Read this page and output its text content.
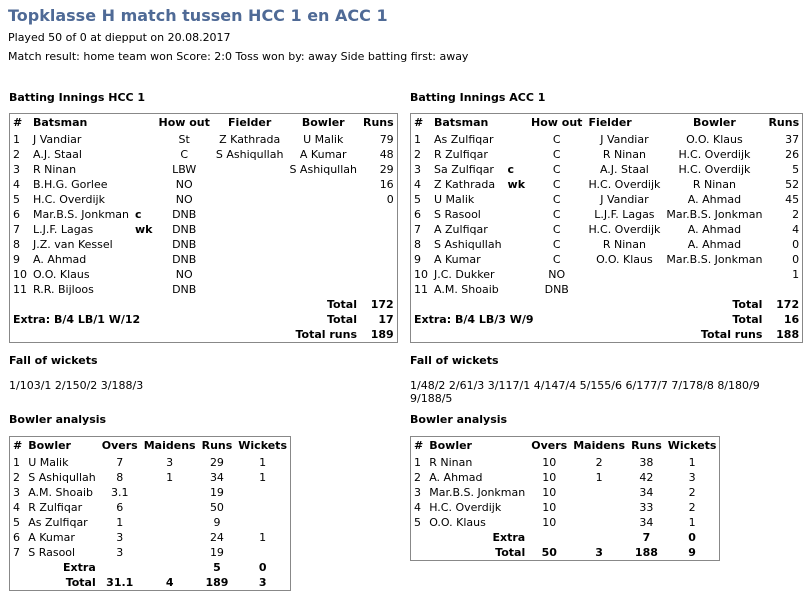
Topklasse H match tussen HCC 1 en ACC 1
Played 50 of 0 at diepput on 20.08.2017
Match result: home team won Score: 2:0 Toss won by: away Side batting first: away
Batting Innings HCC 1
#	Batsman		How out	Fielder	Bowler	Runs
1	J Vandiar		St	Z Kathrada	U Malik	79
2	A.J. Staal		C	S Ashiqullah	A Kumar	48
3	R Ninan		LBW		S Ashiqullah	29
4	B.H.G. Gorlee		NO			16
5	H.C. Overdijk		NO			0
6	Mar.B.S. Jonkman	c	DNB			
7	L.J.F. Lagas	wk	DNB			
8	J.Z. van Kessel		DNB			
9	A. Ahmad		DNB			
10	O.O. Klaus		NO			
11	R.R. Bijloos		DNB			
					Total	172
Extra: B/4 LB/1 W/12					Total	17
					Total runs	189
Fall of wickets
1/103/1 2/150/2 3/188/3
Bowler analysis
#	Bowler	Overs	Maidens	Runs	Wickets
1	U Malik	7	3	29	1
2	S Ashiqullah	8	1	34	1
3	A.M. Shoaib	3.1		19	
4	R Zulfiqar	6		50	
5	As Zulfiqar	1		9	
6	A Kumar	3		24	1
7	S Rasool	3		19	
	Extra			5	0
	Total	31.1	4	189	3
Batting Innings ACC 1
#	Batsman		How out	Fielder	Bowler	Runs
1	As Zulfiqar		C	J Vandiar	O.O. Klaus	37
2	R Zulfiqar		C	R Ninan	H.C. Overdijk	26
3	Sa Zulfiqar	c	C	A.J. Staal	H.C. Overdijk	5
4	Z Kathrada	wk	C	H.C. Overdijk	R Ninan	52
5	U Malik		C	J Vandiar	A. Ahmad	45
6	S Rasool		C	L.J.F. Lagas	Mar.B.S. Jonkman	2
7	A Zulfiqar		C	H.C. Overdijk	A. Ahmad	4
8	S Ashiqullah		C	R Ninan	A. Ahmad	0
9	A Kumar		C	O.O. Klaus	Mar.B.S. Jonkman	0
10	J.C. Dukker		NO			1
11	A.M. Shoaib		DNB			
					Total	172
Extra: B/4 LB/3 W/9					Total	16
					Total runs	188
Fall of wickets
1/48/2 2/61/3 3/117/1 4/147/4 5/155/6 6/177/7 7/178/8 8/180/9 9/188/5
Bowler analysis
#	Bowler	Overs	Maidens	Runs	Wickets
1	R Ninan	10	2	38	1
2	A. Ahmad	10	1	42	3
3	Mar.B.S. Jonkman	10		34	2
4	H.C. Overdijk	10		33	2
5	O.O. Klaus	10		34	1
	Extra			7	0
	Total	50	3	188	9
